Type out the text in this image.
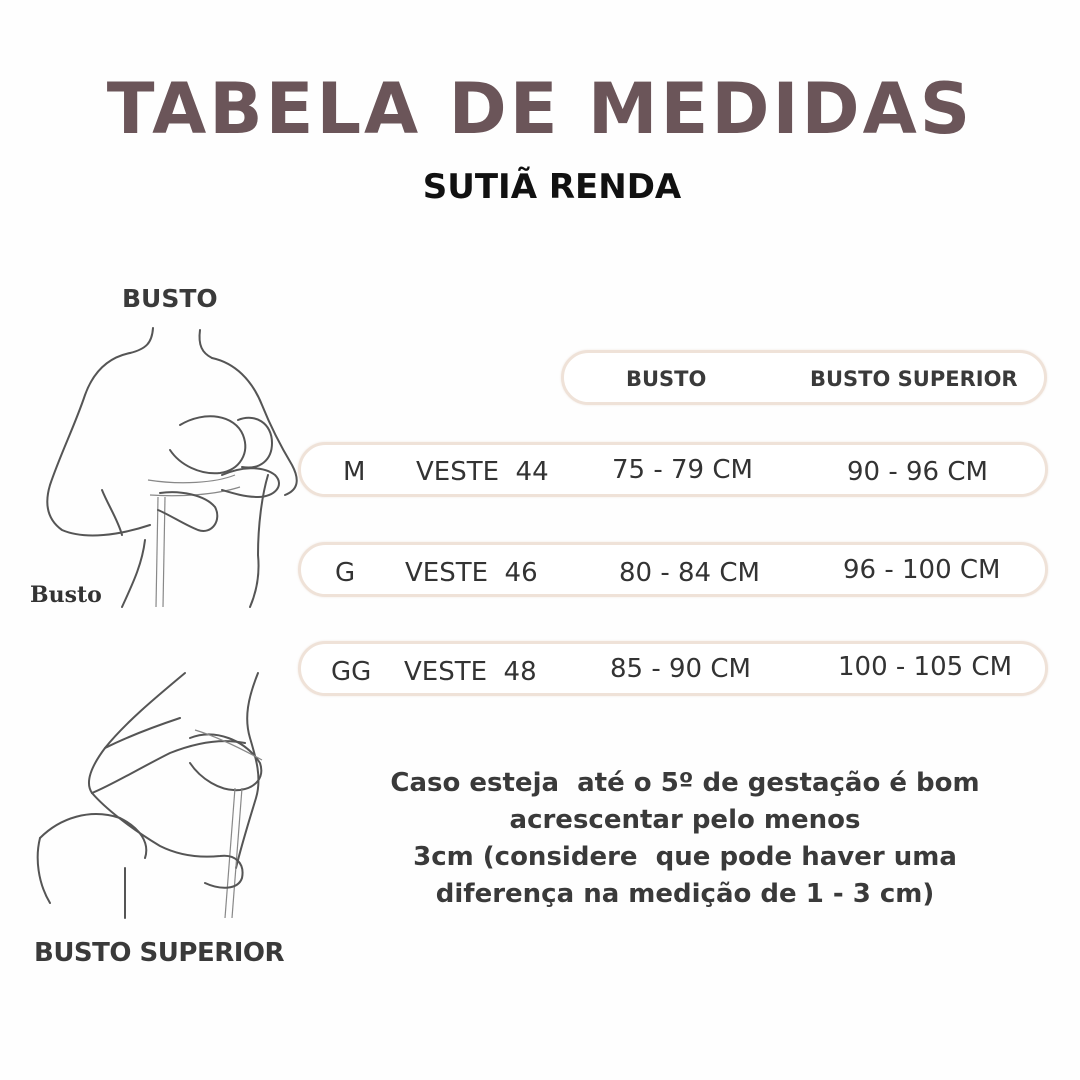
TABELA DE MEDIDAS
SUTIÃ RENDA
BUSTO
BUSTO SUPERIOR
Busto
BUSTO	BUSTO SUPERIOR
M VESTE  44 75 - 79 CM	90 - 96 CM
G VESTE  46	80 - 84 CM	96 - 100 CM
GG VESTE  48	85 - 90 CM	100 - 105 CM
Caso esteja  até o 5º de gestação é bom
acrescentar pelo menos
3cm (considere  que pode haver uma
diferença na medição de 1 - 3 cm)
